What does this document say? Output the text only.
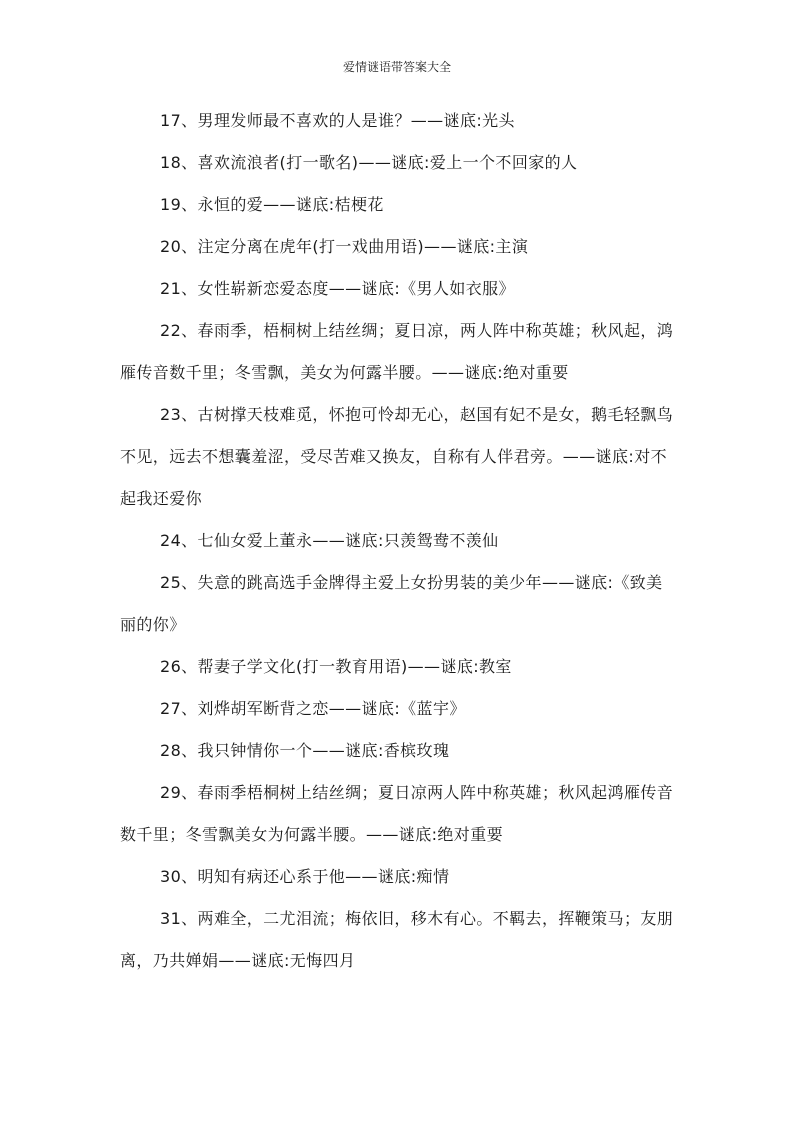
爱情谜语带答案大全

17、男理发师最不喜欢的人是谁？——谜底:光头

18、喜欢流浪者(打一歌名)——谜底:爱上一个不回家的人

19、永恒的爱——谜底:桔梗花

20、注定分离在虎年(打一戏曲用语)——谜底:主演

21、女性崭新恋爱态度——谜底:《男人如衣服》

22、春雨季，梧桐树上结丝绸；夏日凉，两人阵中称英雄；秋风起，鸿雁传音数千里；冬雪飘，美女为何露半腰。——谜底:绝对重要

23、古树撑天枝难觅，怀抱可怜却无心，赵国有妃不是女，鹅毛轻飘鸟不见，远去不想囊羞涩，受尽苦难又换友，自称有人伴君旁。——谜底:对不起我还爱你

24、七仙女爱上董永——谜底:只羡鸳鸯不羡仙

25、失意的跳高选手金牌得主爱上女扮男装的美少年——谜底:《致美丽的你》

26、帮妻子学文化(打一教育用语)——谜底:教室

27、刘烨胡军断背之恋——谜底:《蓝宇》

28、我只钟情你一个——谜底:香槟玫瑰

29、春雨季梧桐树上结丝绸；夏日凉两人阵中称英雄；秋风起鸿雁传音数千里；冬雪飘美女为何露半腰。——谜底:绝对重要

30、明知有病还心系于他——谜底:痴情

31、两难全，二尤泪流；梅依旧，移木有心。不羁去，挥鞭策马；友朋离，乃共婵娟——谜底:无悔四月
